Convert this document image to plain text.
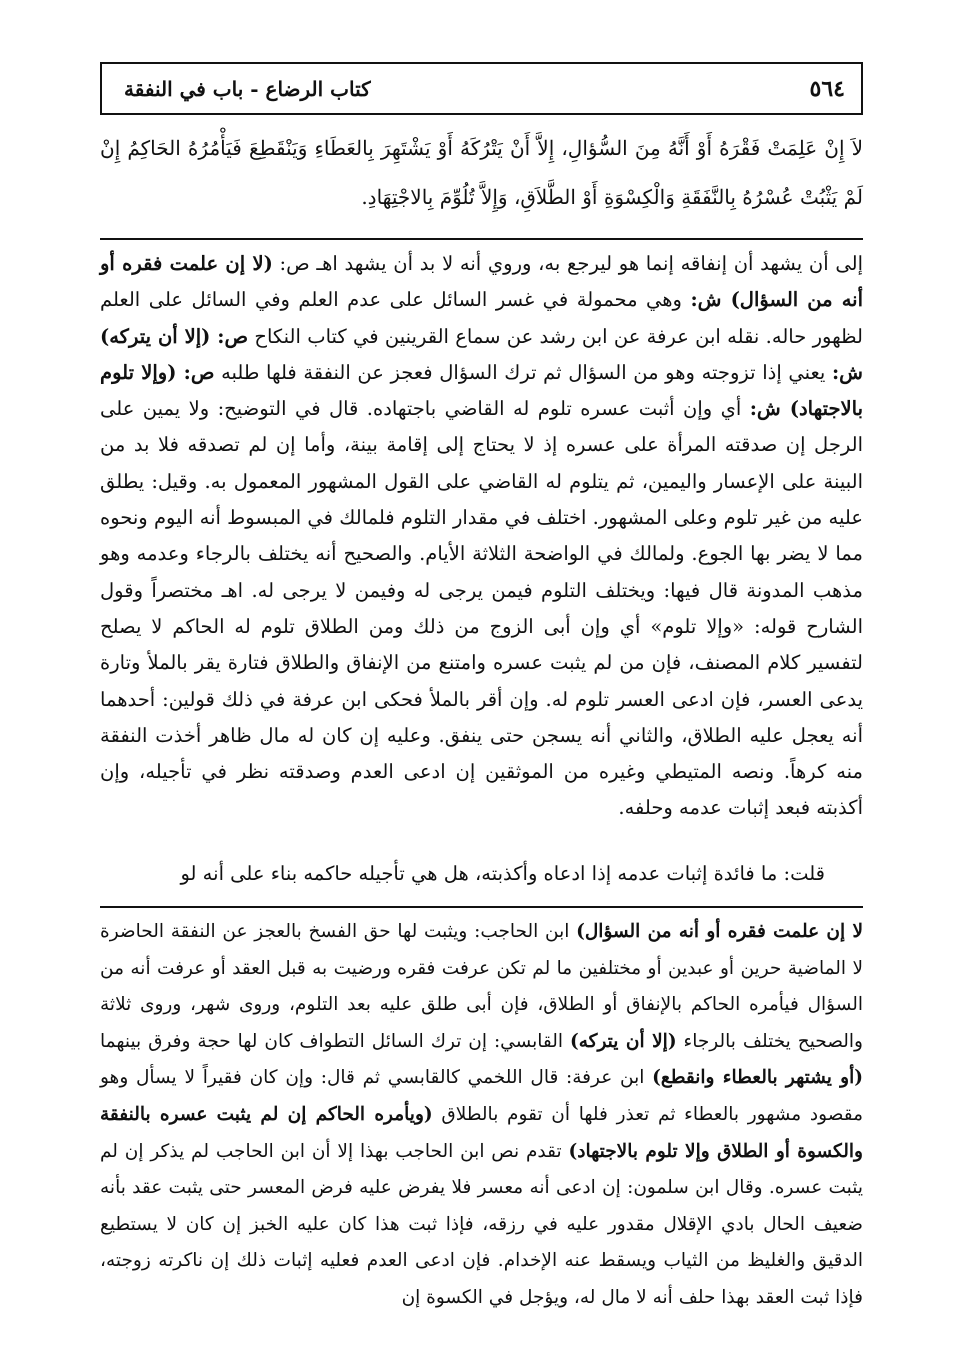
٥٦٤
كتاب الرضاع - باب في النفقة
لاَ إِنْ عَلِمَتْ فَقْرَهُ أَوْ أَنَّهُ مِنَ السُّؤالِ، إِلاَّ أَنْ يَتْرُكَهُ أَوْ يَشْتَهِرَ بِالعَطَاءِ وَيَنْقَطِعَ فَيَأْمُرُهُ الحَاكِمُ إِنْ لَمْ يَثْبُتْ عُسْرُهُ بِالنَّفَقَةِ وَالْكِسْوَةِ أَوْ الطَّلاَقِ، وَإِلاَّ تُلُوِّمَ بِالاجْتِهَادِ.

إلى أن يشهد أن إنفاقه إنما هو ليرجع به، وروي أنه لا بد أن يشهد اهـ ص: (لا إن علمت فقره أو أنه من السؤال) ش: وهي محمولة في غسر السائل على عدم العلم وفي السائل على العلم لظهور حاله. نقله ابن عرفة عن ابن رشد عن سماع القرينين في كتاب النكاح ص: (إلا أن يتركه) ش: يعني إذا تزوجته وهو من السؤال ثم ترك السؤال فعجز عن النفقة فلها طلبه ص: (وإلا تلوم بالاجتهاد) ش: أي وإن أثبت عسره تلوم له القاضي باجتهاده. قال في التوضيح: ولا يمين على الرجل إن صدقته المرأة على عسره إذ لا يحتاج إلى إقامة بينة، وأما إن لم تصدقه فلا بد من البينة على الإعسار واليمين، ثم يتلوم له القاضي على القول المشهور المعمول به. وقيل: يطلق عليه من غير تلوم وعلى المشهور. اختلف في مقدار التلوم فلمالك في المبسوط أنه اليوم ونحوه مما لا يضر بها الجوع. ولمالك في الواضحة الثلاثة الأيام. والصحيح أنه يختلف بالرجاء وعدمه وهو مذهب المدونة قال فيها: ويختلف التلوم فيمن يرجى له وفيمن لا يرجى له. اهـ مختصراً وقول الشارح قوله: «وإلا تلوم» أي وإن أبى الزوج من ذلك ومن الطلاق تلوم له الحاكم لا يصلح لتفسير كلام المصنف، فإن من لم يثبت عسره وامتنع من الإنفاق والطلاق فتارة يقر بالملأ وتارة يدعى العسر، فإن ادعى العسر تلوم له. وإن أقر بالملأ فحكى ابن عرفة في ذلك قولين: أحدهما أنه يعجل عليه الطلاق، والثاني أنه يسجن حتى ينفق. وعليه إن كان له مال ظاهر أخذت النفقة منه كرهاً. ونصه المتيطي وغيره من الموثقين إن ادعى العدم وصدقته نظر في تأجيله، وإن أكذبته فبعد إثبات عدمه وحلفه.

قلت: ما فائدة إثبات عدمه إذا ادعاه وأكذبته، هل هي تأجيله حاكمه بناء على أنه لو
لا إن علمت فقره أو أنه من السؤال) ابن الحاجب: ويثبت لها حق الفسخ بالعجز عن النفقة الحاضرة لا الماضية حرين أو عبدين أو مختلفين ما لم تكن عرفت فقره ورضيت به قبل العقد أو عرفت أنه من السؤال فيأمره الحاكم بالإنفاق أو الطلاق، فإن أبى طلق عليه بعد التلوم، وروى شهر، وروى ثلاثة والصحيح يختلف بالرجاء (إلا أن يتركه) القابسي: إن ترك السائل التطواف كان لها حجة وفرق بينهما (أو يشتهر بالعطاء وانقطع) ابن عرفة: قال اللخمي كالقابسي ثم قال: وإن كان فقيراً لا يسأل وهو مقصود مشهور بالعطاء ثم تعذر فلها أن تقوم بالطلاق (ويأمره الحاكم إن لم يثبت عسره بالنفقة والكسوة أو الطلاق وإلا تلوم بالاجتهاد) تقدم نص ابن الحاجب بهذا إلا أن ابن الحاجب لم يذكر إن لم يثبت عسره. وقال ابن سلمون: إن ادعى أنه معسر فلا يفرض عليه فرض المعسر حتى يثبت عقد بأنه ضعيف الحال بادي الإقلال مقدور عليه في رزقه، فإذا ثبت هذا كان عليه الخبز إن كان لا يستطيع الدقيق والغليظ من الثياب ويسقط عنه الإخدام. فإن ادعى العدم فعليه إثبات ذلك إن ناكرته زوجته، فإذا ثبت العقد بهذا حلف أنه لا مال له، ويؤجل في الكسوة إن
